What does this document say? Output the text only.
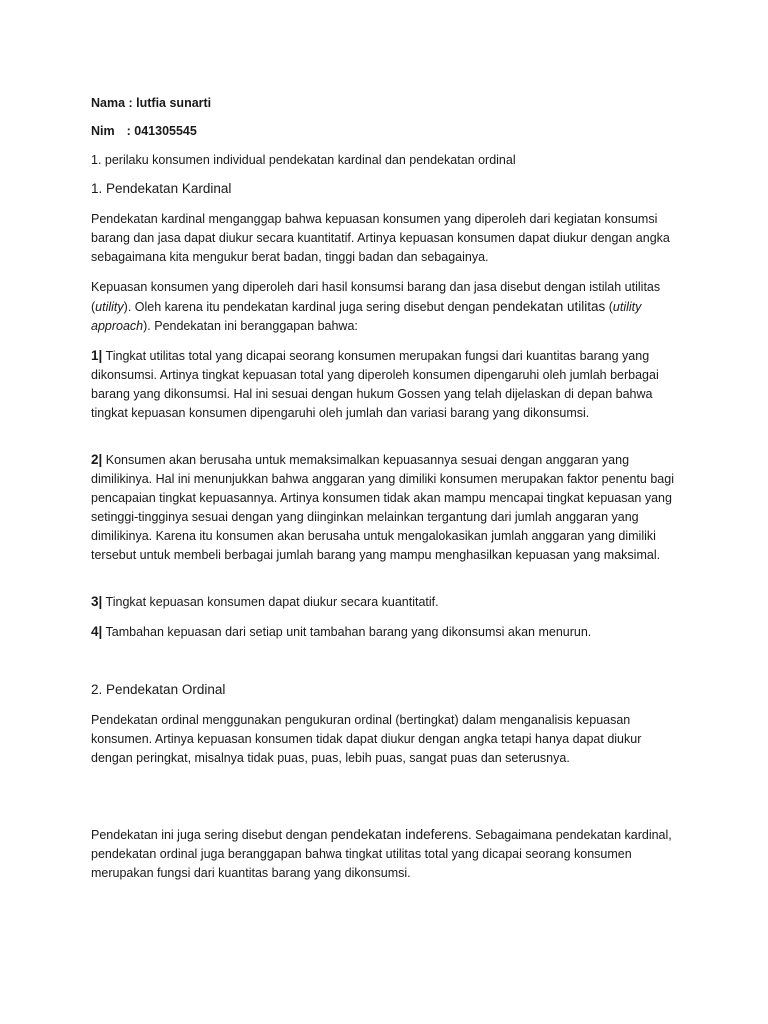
Nama : lutfia sunarti

Nim : 041305545

1. perilaku konsumen individual pendekatan kardinal dan pendekatan ordinal

1. Pendekatan Kardinal

Pendekatan kardinal menganggap bahwa kepuasan konsumen yang diperoleh dari kegiatan konsumsi barang dan jasa dapat diukur secara kuantitatif. Artinya kepuasan konsumen dapat diukur dengan angka sebagaimana kita mengukur berat badan, tinggi badan dan sebagainya.

Kepuasan konsumen yang diperoleh dari hasil konsumsi barang dan jasa disebut dengan istilah utilitas (utility). Oleh karena itu pendekatan kardinal juga sering disebut dengan pendekatan utilitas (utility approach). Pendekatan ini beranggapan bahwa:

1| Tingkat utilitas total yang dicapai seorang konsumen merupakan fungsi dari kuantitas barang yang dikonsumsi. Artinya tingkat kepuasan total yang diperoleh konsumen dipengaruhi oleh jumlah berbagai barang yang dikonsumsi. Hal ini sesuai dengan hukum Gossen yang telah dijelaskan di depan bahwa tingkat kepuasan konsumen dipengaruhi oleh jumlah dan variasi barang yang dikonsumsi.

2| Konsumen akan berusaha untuk memaksimalkan kepuasannya sesuai dengan anggaran yang dimilikinya. Hal ini menunjukkan bahwa anggaran yang dimiliki konsumen merupakan faktor penentu bagi pencapaian tingkat kepuasannya. Artinya konsumen tidak akan mampu mencapai tingkat kepuasan yang setinggi-tingginya sesuai dengan yang diinginkan melainkan tergantung dari jumlah anggaran yang dimilikinya. Karena itu konsumen akan berusaha untuk mengalokasikan jumlah anggaran yang dimiliki tersebut untuk membeli berbagai jumlah barang yang mampu menghasilkan kepuasan yang maksimal.

3| Tingkat kepuasan konsumen dapat diukur secara kuantitatif.

4| Tambahan kepuasan dari setiap unit tambahan barang yang dikonsumsi akan menurun.

2. Pendekatan Ordinal

Pendekatan ordinal menggunakan pengukuran ordinal (bertingkat) dalam menganalisis kepuasan konsumen. Artinya kepuasan konsumen tidak dapat diukur dengan angka tetapi hanya dapat diukur dengan peringkat, misalnya tidak puas, puas, lebih puas, sangat puas dan seterusnya.

Pendekatan ini juga sering disebut dengan pendekatan indeferens. Sebagaimana pendekatan kardinal, pendekatan ordinal juga beranggapan bahwa tingkat utilitas total yang dicapai seorang konsumen merupakan fungsi dari kuantitas barang yang dikonsumsi.
